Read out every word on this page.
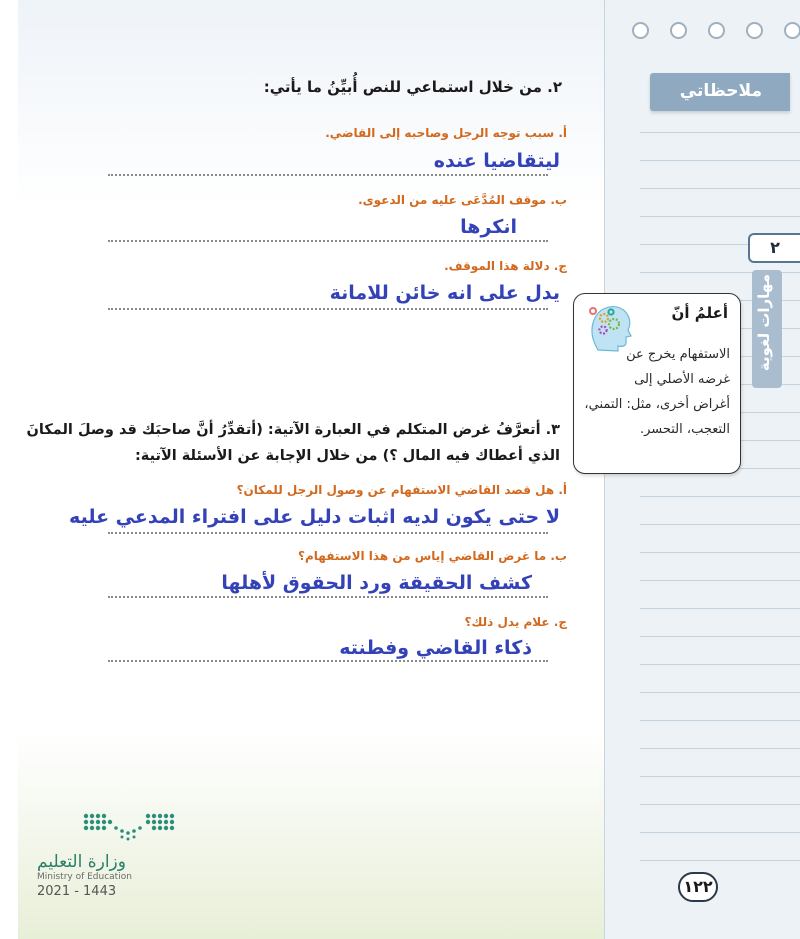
ملاحظاتي
٢
مهارات لغوية
٢. من خلال استماعي للنص أُبيِّنُ ما يأتي:
أ. سبب توجه الرجل وصاحبه إلى القاضي.
ليتقاضيا عنده
ب. موقف المُدَّعَى عليه من الدعوى.
انكرها
ج. دلالة هذا الموقف.
يدل على انه خائن للامانة
أعلمُ أنّ
الاستفهام يخرج عن
غرضه الأصلي إلى
أغراض أخرى، مثل: التمني،
التعجب، التحسر.
٣. أتعرَّفُ غرض المتكلم في العبارة الآتية: (أتقدِّرُ أنَّ صاحبَك قد وصلَ المكانَ
الذي أعطاك فيه المال ؟) من خلال الإجابة عن الأسئلة الآتية:
أ. هل قصد القاضي الاستفهام عن وصول الرجل للمكان؟
لا حتى يكون لديه اثبات دليل على افتراء المدعي عليه
ب. ما غرض القاضي إياس من هذا الاستفهام؟
كشف الحقيقة ورد الحقوق لأهلها
ج. علام يدل ذلك؟
ذكاء القاضي وفطنته
وزارة التعليم
Ministry of Education
2021 - 1443	١٢٢
